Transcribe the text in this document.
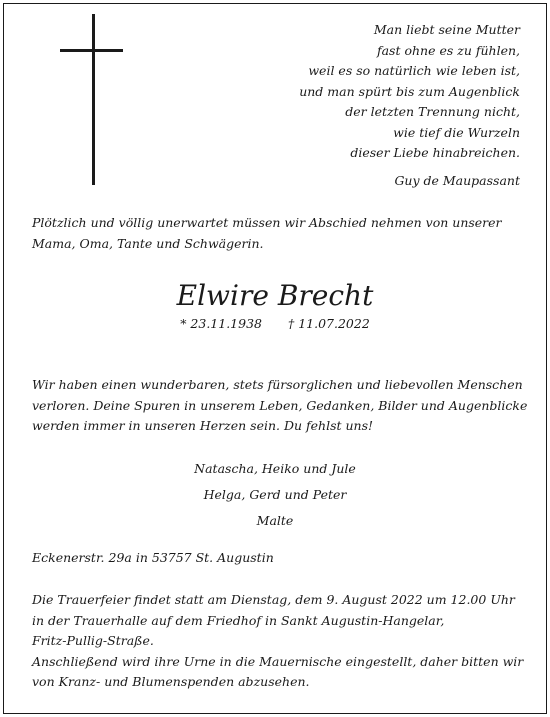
Man liebt seine Mutter
fast ohne es zu fühlen,
weil es so natürlich wie leben ist,
und man spürt bis zum Augenblick
der letzten Trennung nicht,
wie tief die Wurzeln
dieser Liebe hinabreichen.
Guy de Maupassant
Plötzlich und völlig unerwartet müssen wir Abschied nehmen von unserer
Mama, Oma, Tante und Schwägerin.
Elwire Brecht
* 23.11.1938 † 11.07.2022
Wir haben einen wunderbaren, stets fürsorglichen und liebevollen Menschen
verloren. Deine Spuren in unserem Leben, Gedanken, Bilder und Augenblicke
werden immer in unseren Herzen sein. Du fehlst uns!
Natascha, Heiko und Jule
Helga, Gerd und Peter
Malte
Eckenerstr. 29a in 53757 St. Augustin
Die Trauerfeier findet statt am Dienstag, dem 9. August 2022 um 12.00 Uhr
in der Trauerhalle auf dem Friedhof in Sankt Augustin-Hangelar,
Fritz-Pullig-Straße.
Anschließend wird ihre Urne in die Mauernische eingestellt, daher bitten wir
von Kranz- und Blumenspenden abzusehen.
